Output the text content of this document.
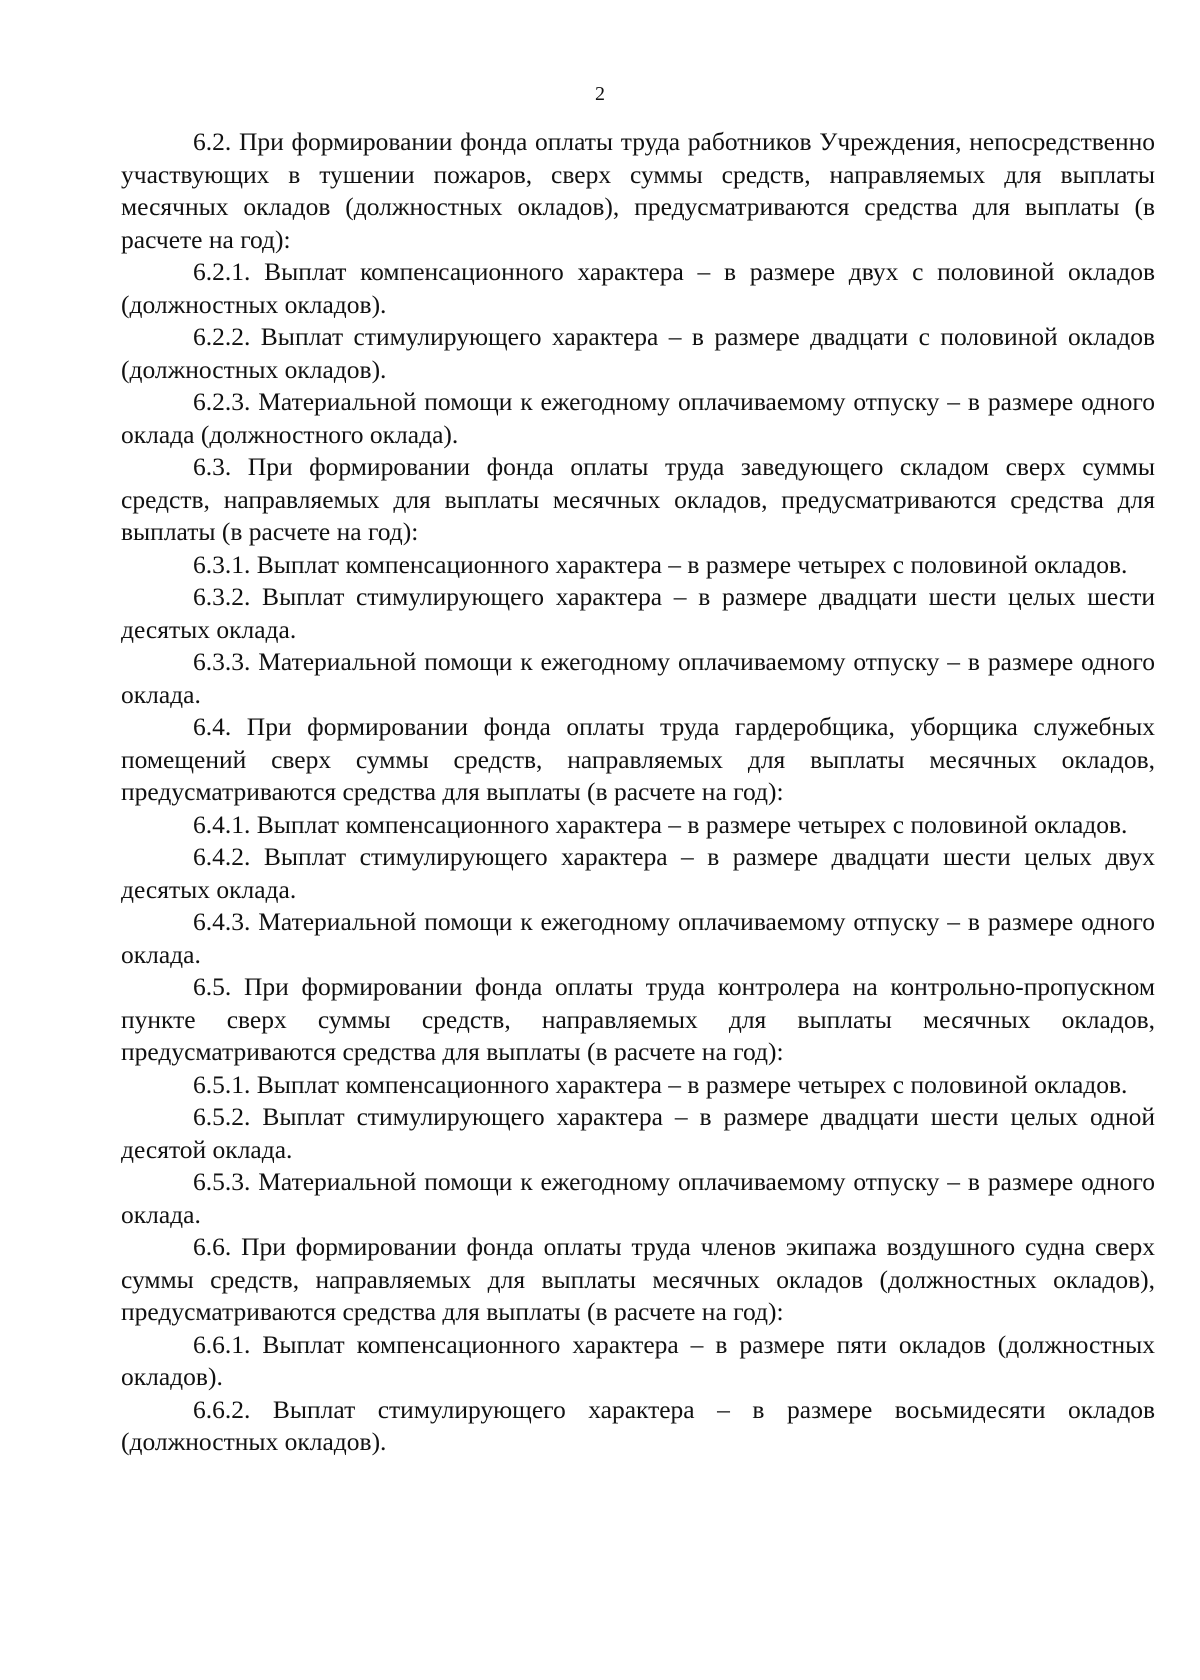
2

6.2. При формировании фонда оплаты труда работников Учреждения, непосредственно участвующих в тушении пожаров, сверх суммы средств, направляемых для выплаты месячных окладов (должностных окладов), предусматриваются средства для выплаты (в расчете на год):

6.2.1. Выплат компенсационного характера – в размере двух с половиной окладов (должностных окладов).

6.2.2. Выплат стимулирующего характера – в размере двадцати с половиной окладов (должностных окладов).

6.2.3. Материальной помощи к ежегодному оплачиваемому отпуску – в размере одного оклада (должностного оклада).

6.3. При формировании фонда оплаты труда заведующего складом сверх суммы средств, направляемых для выплаты месячных окладов, предусматриваются средства для выплаты (в расчете на год):

6.3.1. Выплат компенсационного характера – в размере четырех с половиной окладов.

6.3.2. Выплат стимулирующего характера – в размере двадцати шести целых шести десятых оклада.

6.3.3. Материальной помощи к ежегодному оплачиваемому отпуску – в размере одного оклада.

6.4. При формировании фонда оплаты труда гардеробщика, уборщика служебных помещений сверх суммы средств, направляемых для выплаты месячных окладов, предусматриваются средства для выплаты (в расчете на год):

6.4.1. Выплат компенсационного характера – в размере четырех с половиной окладов.

6.4.2. Выплат стимулирующего характера – в размере двадцати шести целых двух десятых оклада.

6.4.3. Материальной помощи к ежегодному оплачиваемому отпуску – в размере одного оклада.

6.5. При формировании фонда оплаты труда контролера на контрольно-пропускном пункте сверх суммы средств, направляемых для выплаты месячных окладов, предусматриваются средства для выплаты (в расчете на год):

6.5.1. Выплат компенсационного характера – в размере четырех с половиной окладов.

6.5.2. Выплат стимулирующего характера – в размере двадцати шести целых одной десятой оклада.

6.5.3. Материальной помощи к ежегодному оплачиваемому отпуску – в размере одного оклада.

6.6. При формировании фонда оплаты труда членов экипажа воздушного судна сверх суммы средств, направляемых для выплаты месячных окладов (должностных окладов), предусматриваются средства для выплаты (в расчете на год):

6.6.1. Выплат компенсационного характера – в размере пяти окладов (должностных окладов).

6.6.2. Выплат стимулирующего характера – в размере восьмидесяти окладов (должностных окладов).
